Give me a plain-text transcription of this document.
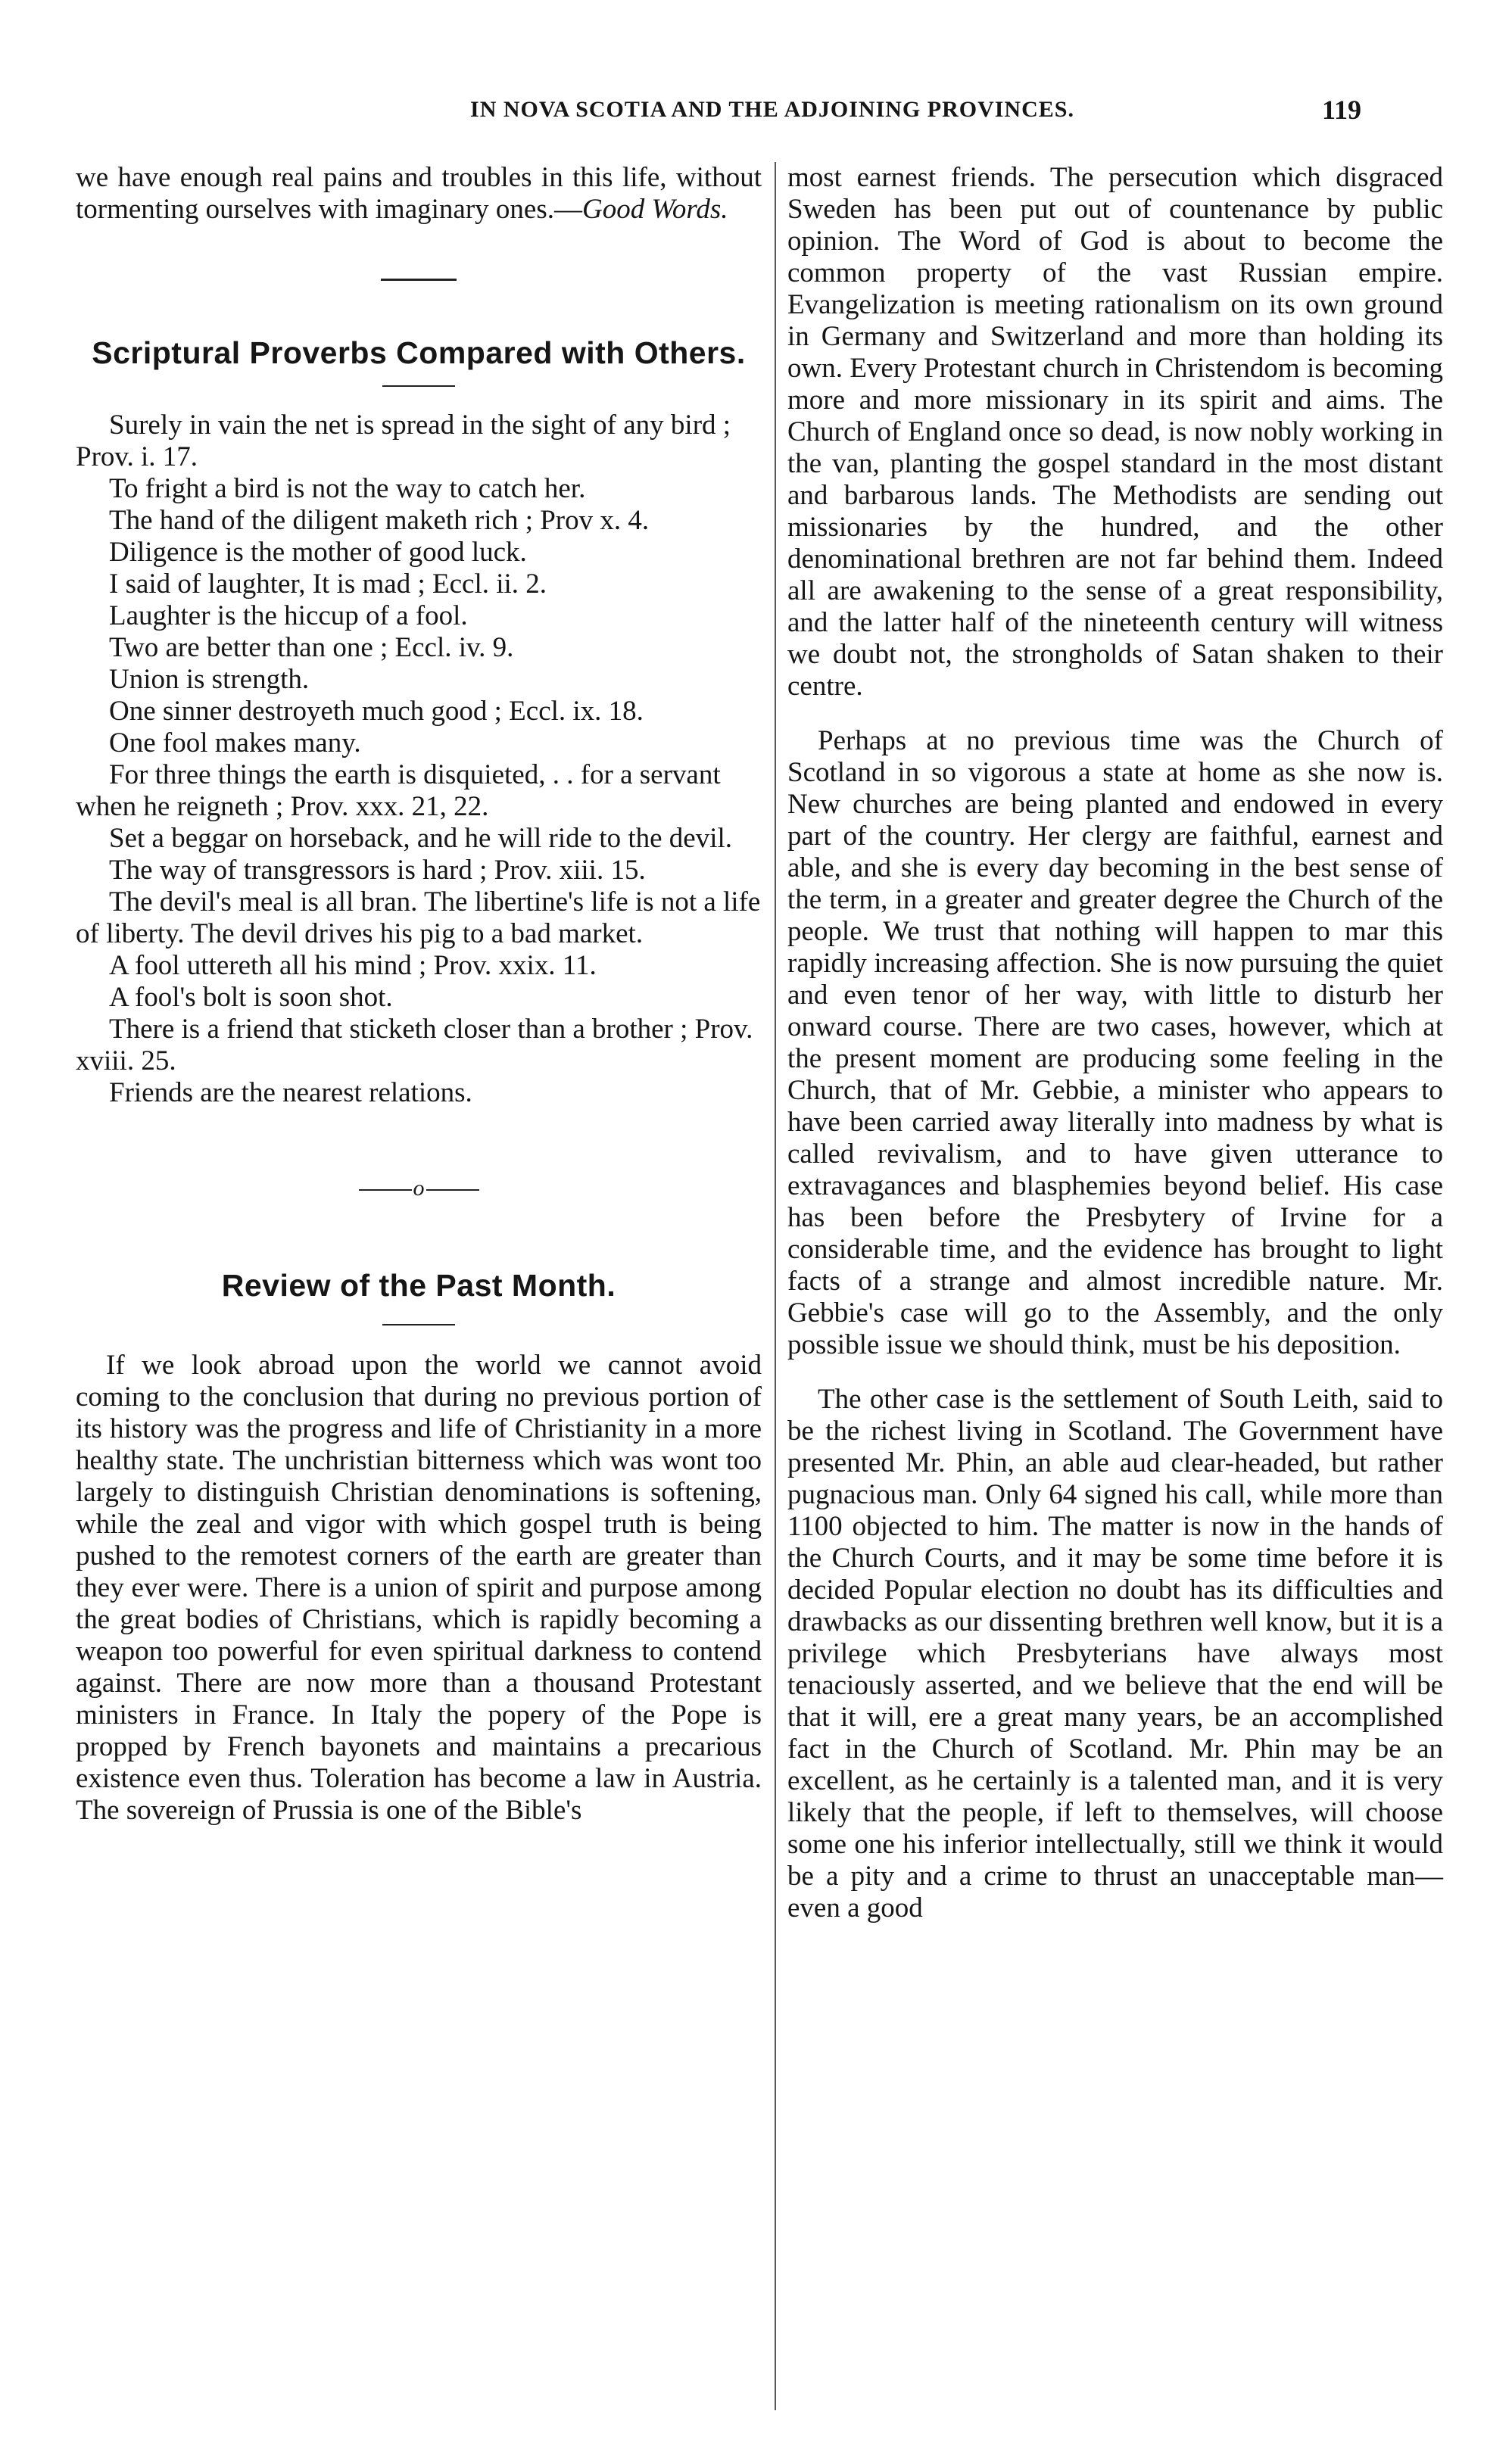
IN NOVA SCOTIA AND THE ADJOINING PROVINCES.	119

we have enough real pains and troubles in this life, without tormenting ourselves with imaginary ones.—Good Words.

Scriptural Proverbs Compared with Others.

Surely in vain the net is spread in the sight of any bird ; Prov. i. 17.

To fright a bird is not the way to catch her.

The hand of the diligent maketh rich ; Prov x. 4.

Diligence is the mother of good luck.

I said of laughter, It is mad ; Eccl. ii. 2.

Laughter is the hiccup of a fool.

Two are better than one ; Eccl. iv. 9.

Union is strength.

One sinner destroyeth much good ; Eccl. ix. 18.

One fool makes many.

For three things the earth is disquieted, . . for a servant when he reigneth ; Prov. xxx. 21, 22.

Set a beggar on horseback, and he will ride to the devil.

The way of transgressors is hard ; Prov. xiii. 15.

The devil's meal is all bran. The libertine's life is not a life of liberty. The devil drives his pig to a bad market.

A fool uttereth all his mind ; Prov. xxix. 11.

A fool's bolt is soon shot.

There is a friend that sticketh closer than a brother ; Prov. xviii. 25.

Friends are the nearest relations.

o
Review of the Past Month.

If we look abroad upon the world we cannot avoid coming to the conclusion that during no previous portion of its history was the progress and life of Christianity in a more healthy state. The unchristian bitterness which was wont too largely to distinguish Christian denominations is softening, while the zeal and vigor with which gospel truth is being pushed to the remotest corners of the earth are greater than they ever were. There is a union of spirit and purpose among the great bodies of Christians, which is rapidly becoming a weapon too powerful for even spiritual darkness to contend against. There are now more than a thousand Protestant ministers in France. In Italy the popery of the Pope is propped by French bayonets and maintains a precarious existence even thus. Toleration has become a law in Austria. The sovereign of Prussia is one of the Bible's

most earnest friends. The persecution which disgraced Sweden has been put out of countenance by public opinion. The Word of God is about to become the common property of the vast Russian empire. Evangelization is meeting rationalism on its own ground in Germany and Switzerland and more than holding its own. Every Protestant church in Christendom is becoming more and more missionary in its spirit and aims. The Church of England once so dead, is now nobly working in the van, planting the gospel standard in the most distant and barbarous lands. The Methodists are sending out missionaries by the hundred, and the other denominational brethren are not far behind them. Indeed all are awakening to the sense of a great responsibility, and the latter half of the nineteenth century will witness we doubt not, the strongholds of Satan shaken to their centre.

Perhaps at no previous time was the Church of Scotland in so vigorous a state at home as she now is. New churches are being planted and endowed in every part of the country. Her clergy are faithful, earnest and able, and she is every day becoming in the best sense of the term, in a greater and greater degree the Church of the people. We trust that nothing will happen to mar this rapidly increasing affection. She is now pursuing the quiet and even tenor of her way, with little to disturb her onward course. There are two cases, however, which at the present moment are producing some feeling in the Church, that of Mr. Gebbie, a minister who appears to have been carried away literally into madness by what is called revivalism, and to have given utterance to extravagances and blasphemies beyond belief. His case has been before the Presbytery of Irvine for a considerable time, and the evidence has brought to light facts of a strange and almost incredible nature. Mr. Gebbie's case will go to the Assembly, and the only possible issue we should think, must be his deposition.

The other case is the settlement of South Leith, said to be the richest living in Scotland. The Government have presented Mr. Phin, an able aud clear-headed, but rather pugnacious man. Only 64 signed his call, while more than 1100 objected to him. The matter is now in the hands of the Church Courts, and it may be some time before it is decided Popular election no doubt has its difficulties and drawbacks as our dissenting brethren well know, but it is a privilege which Presbyterians have always most tenaciously asserted, and we believe that the end will be that it will, ere a great many years, be an accomplished fact in the Church of Scotland. Mr. Phin may be an excellent, as he certainly is a talented man, and it is very likely that the people, if left to themselves, will choose some one his inferior intellectually, still we think it would be a pity and a crime to thrust an unacceptable man—even a good
